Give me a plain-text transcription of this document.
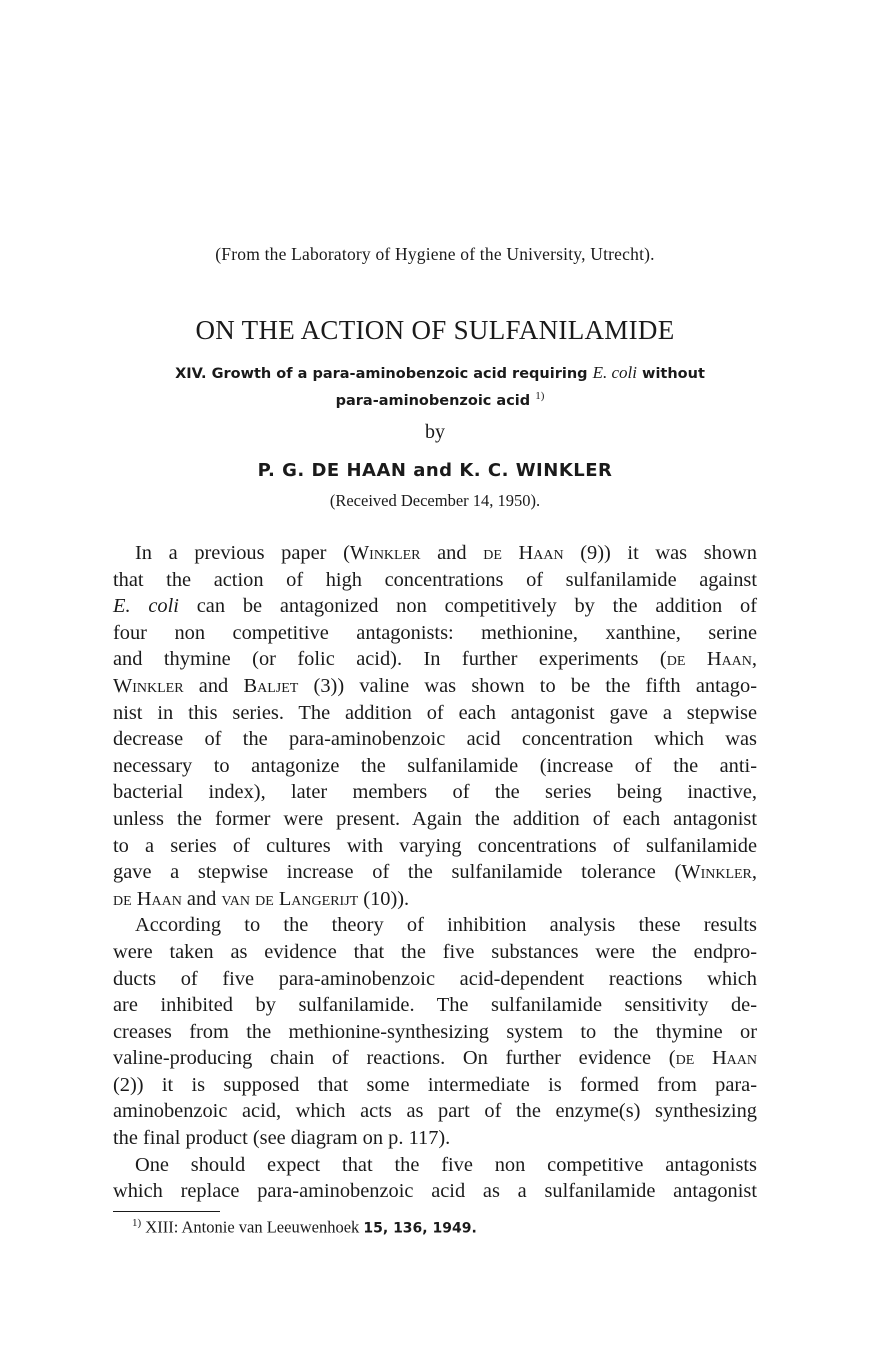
(From the Laboratory of Hygiene of the University, Utrecht).
ON THE ACTION OF SULFANILAMIDE
XIV. Growth of a para-aminobenzoic acid requiring E. coli without
para-aminobenzoic acid $^{1)}$
by
P. G. DE HAAN and K. C. WINKLER
(Received December 14, 1950).
In a previous paper (Winkler and de Haan (9)) it was shown
that the action of high concentrations of sulfanilamide against
E. coli can be antagonized non competitively by the addition of
four non competitive antagonists: methionine, xanthine, serine
and thymine (or folic acid). In further experiments (de Haan,
Winkler and Baljet (3)) valine was shown to be the fifth antago-
nist in this series. The addition of each antagonist gave a stepwise
decrease of the para-aminobenzoic acid concentration which was
necessary to antagonize the sulfanilamide (increase of the anti-
bacterial index), later members of the series being inactive,
unless the former were present. Again the addition of each antagonist
to a series of cultures with varying concentrations of sulfanilamide
gave a stepwise increase of the sulfanilamide tolerance (Winkler,
de Haan and van de Langerijt (10)).
According to the theory of inhibition analysis these results
were taken as evidence that the five substances were the endpro-
ducts of five para-aminobenzoic acid-dependent reactions which
are inhibited by sulfanilamide. The sulfanilamide sensitivity de-
creases from the methionine-synthesizing system to the thymine or
valine-producing chain of reactions. On further evidence (de Haan
(2)) it is supposed that some intermediate is formed from para-
aminobenzoic acid, which acts as part of the enzyme(s) synthesizing
the final product (see diagram on p. 117).
One should expect that the five non competitive antagonists
which replace para-aminobenzoic acid as a sulfanilamide antagonist
$^{1)}$ XIII: Antonie van Leeuwenhoek 15, 136, 1949.
